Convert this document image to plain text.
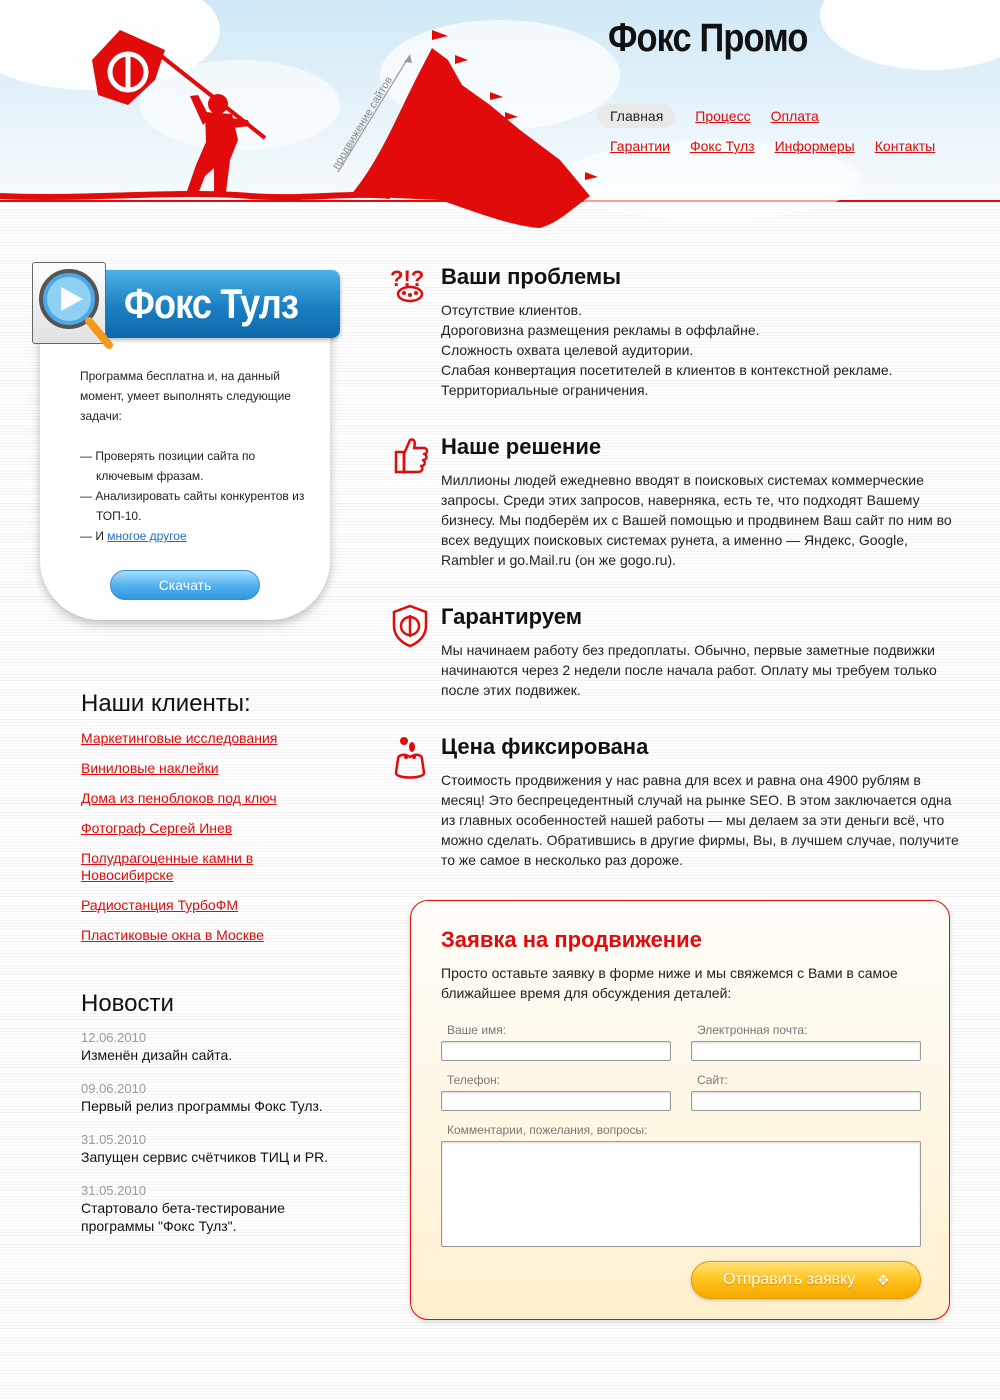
продвижение сайтов
Фокс Промо
Главная	Процесс Оплата
Гарантии Фокс Тулз Информеры Контакты
Фокс Тулз

Программа бесплатна и, на данный момент, умеет выполнять следующие задачи:

— Проверять позиции сайта по ключевым фразам.
— Анализировать сайты конкурентов из ТОП-10.
— И многое другое
Скачать
Наши клиенты:
Маркетинговые исследования
Виниловые наклейки
Дома из пеноблоков под ключ
Фотограф Сергей Инев
Полудрагоценные камни в Новосибирске
Радиостанция ТурбоФМ
Пластиковые окна в Москве
Новости
12.06.2010
Изменён дизайн сайта.
09.06.2010
Первый релиз программы Фокс Тулз.
31.05.2010
Запущен сервис счётчиков ТИЦ и PR.
31.05.2010
Стартовало бета-тестирование программы "Фокс Тулз".
?!? Ваши проблемы
Отсутствие клиентов.
Дороговизна размещения рекламы в оффлайне.
Сложность охвата целевой аудитории.
Слабая конвертация посетителей в клиентов в контекстной рекламе.
Территориальные ограничения.
Наше решение
Миллионы людей ежедневно вводят в поисковых системах коммерческие запросы. Среди этих запросов, наверняка, есть те, что подходят Вашему бизнесу. Мы подберём их с Вашей помощью и продвинем Ваш сайт по ним во всех ведущих поисковых системах рунета, а именно — Яндекс, Google, Rambler и go.Mail.ru (он же gogo.ru).
Гарантируем
Мы начинаем работу без предоплаты. Обычно, первые заметные подвижки начинаются через 2 недели после начала работ. Оплату мы требуем только после этих подвижек.
Цена фиксирована
Стоимость продвижения у нас равна для всех и равна она 4900 рублям в месяц! Это беспрецедентный случай на рынке SEO. В этом заключается одна из главных особенностей нашей работы — мы делаем за эти деньги всё, что можно сделать. Обратившись в другие фирмы, Вы, в лучшем случае, получите то же самое в несколько раз дороже.
Заявка на продвижение
Просто оставьте заявку в форме ниже и мы свяжемся с Вами в самое ближайшее время для обсуждения деталей:
Ваше имя:	Электронная почта:
Телефон:	Сайт:
Комментарии, пожелания, вопросы:
Отправить заявку ✥
